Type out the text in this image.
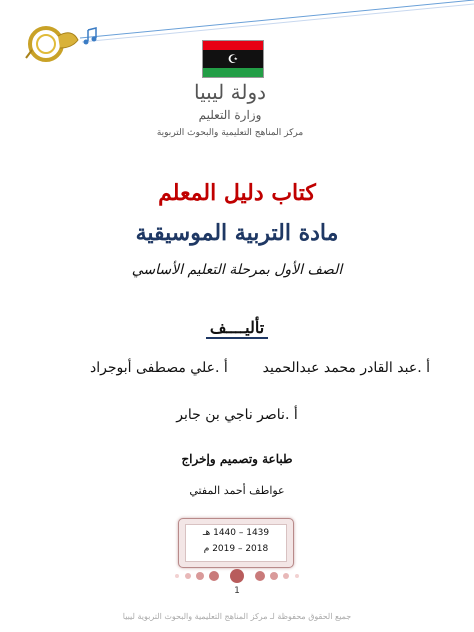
☪
دولة ليبيا
وزارة التعليم
مركز المناهج التعليمية والبحوث التربوية
كتاب دليل المعلم
مادة التربية الموسيقية
الصف الأول بمرحلة التعليم الأساسي
تأليــــف
أ .عبد القادر محمد عبدالحميد
أ .علي مصطفى أبوجراد
أ .ناصر ناجي بن جابر
طباعة وتصميم وإخراج
عواطف أحمد المفتي
1439 – 1440 هـ
2018 – 2019 م
1
جميع الحقوق محفوظة لـ مركز المناهج التعليمية والبحوث التربوية ليبيا
